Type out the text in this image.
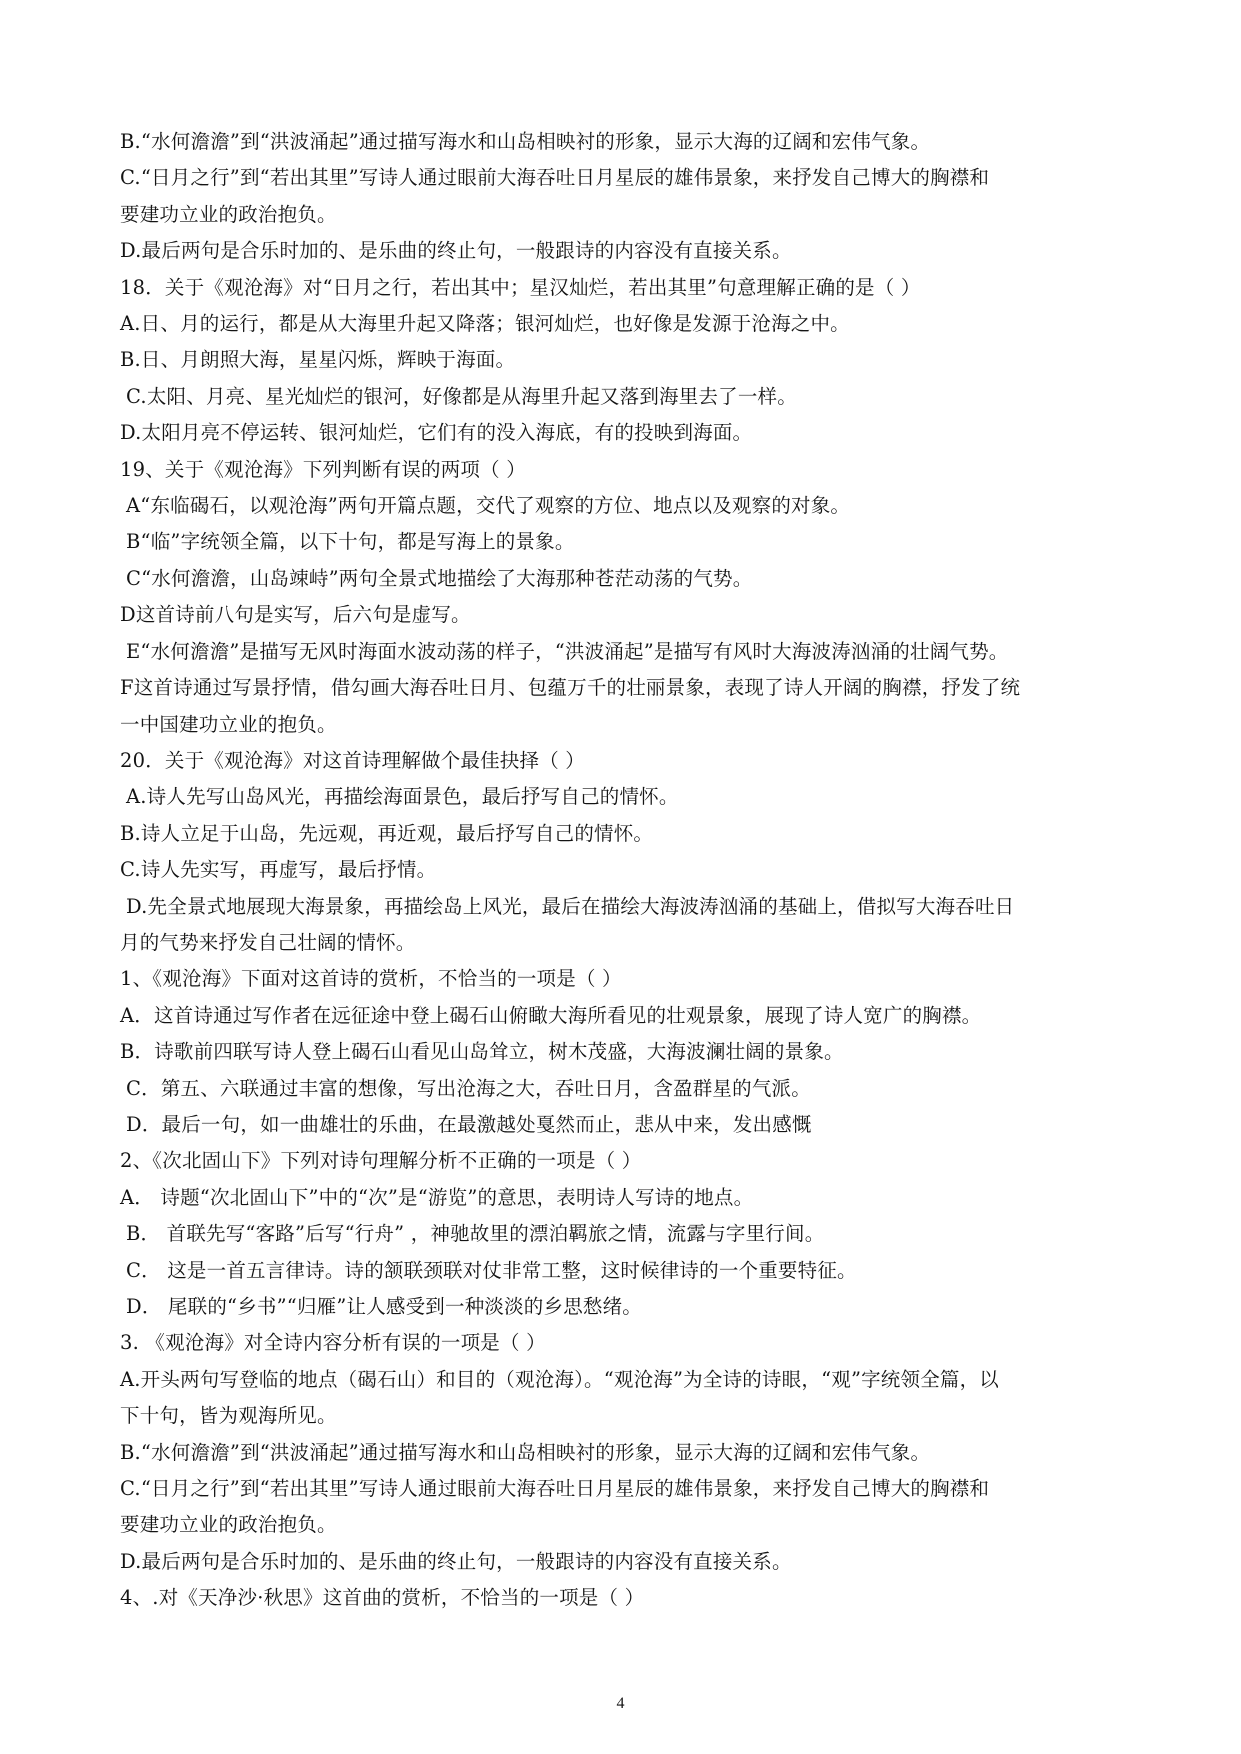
B.“水何澹澹”到“洪波涌起”通过描写海水和山岛相映衬的形象，显示大海的辽阔和宏伟气象。
C.“日月之行”到“若出其里”写诗人通过眼前大海吞吐日月星辰的雄伟景象，来抒发自己博大的胸襟和
要建功立业的政治抱负。
D.最后两句是合乐时加的、是乐曲的终止句，一般跟诗的内容没有直接关系。
18．关于《观沧海》对“日月之行，若出其中；星汉灿烂，若出其里”句意理解正确的是（ ）
A.日、月的运行，都是从大海里升起又降落；银河灿烂，也好像是发源于沧海之中。
B.日、月朗照大海，星星闪烁，辉映于海面。
C.太阳、月亮、星光灿烂的银河，好像都是从海里升起又落到海里去了一样。
D.太阳月亮不停运转、银河灿烂，它们有的没入海底，有的投映到海面。
19、关于《观沧海》下列判断有误的两项（ ）
A“东临碣石，以观沧海”两句开篇点题，交代了观察的方位、地点以及观察的对象。
B“临”字统领全篇，以下十句，都是写海上的景象。
C“水何澹澹，山岛竦峙”两句全景式地描绘了大海那种苍茫动荡的气势。
D这首诗前八句是实写，后六句是虚写。
E“水何澹澹”是描写无风时海面水波动荡的样子，“洪波涌起”是描写有风时大海波涛汹涌的壮阔气势。
F这首诗通过写景抒情，借勾画大海吞吐日月、包蕴万千的壮丽景象，表现了诗人开阔的胸襟，抒发了统
一中国建功立业的抱负。
20．关于《观沧海》对这首诗理解做个最佳抉择（ ）
A.诗人先写山岛风光，再描绘海面景色，最后抒写自己的情怀。
B.诗人立足于山岛，先远观，再近观，最后抒写自己的情怀。
C.诗人先实写，再虚写，最后抒情。
D.先全景式地展现大海景象，再描绘岛上风光，最后在描绘大海波涛汹涌的基础上，借拟写大海吞吐日
月的气势来抒发自己壮阔的情怀。
1、《观沧海》下面对这首诗的赏析，不恰当的一项是（ ）
A．这首诗通过写作者在远征途中登上碣石山俯瞰大海所看见的壮观景象，展现了诗人宽广的胸襟。
B．诗歌前四联写诗人登上碣石山看见山岛耸立，树木茂盛，大海波澜壮阔的景象。
C．第五、六联通过丰富的想像，写出沧海之大，吞吐日月，含盈群星的气派。
D．最后一句，如一曲雄壮的乐曲，在最激越处戛然而止，悲从中来，发出感慨
2、《次北固山下》下列对诗句理解分析不正确的一项是（ ）
A． 诗题“次北固山下”中的“次”是“游览”的意思，表明诗人写诗的地点。
B． 首联先写“客路”后写“行舟” ，神驰故里的漂泊羁旅之情，流露与字里行间。
C． 这是一首五言律诗。诗的颔联颈联对仗非常工整，这时候律诗的一个重要特征。
D． 尾联的“乡书”“归雁”让人感受到一种淡淡的乡思愁绪。
3. 《观沧海》对全诗内容分析有误的一项是（ ）
A.开头两句写登临的地点（碣石山）和目的（观沧海）。“观沧海”为全诗的诗眼，“观”字统领全篇，以
下十句，皆为观海所见。
B.“水何澹澹”到“洪波涌起”通过描写海水和山岛相映衬的形象，显示大海的辽阔和宏伟气象。
C.“日月之行”到“若出其里”写诗人通过眼前大海吞吐日月星辰的雄伟景象，来抒发自己博大的胸襟和
要建功立业的政治抱负。
D.最后两句是合乐时加的、是乐曲的终止句，一般跟诗的内容没有直接关系。
4、.对《天净沙·秋思》这首曲的赏析，不恰当的一项是（ ）
4
